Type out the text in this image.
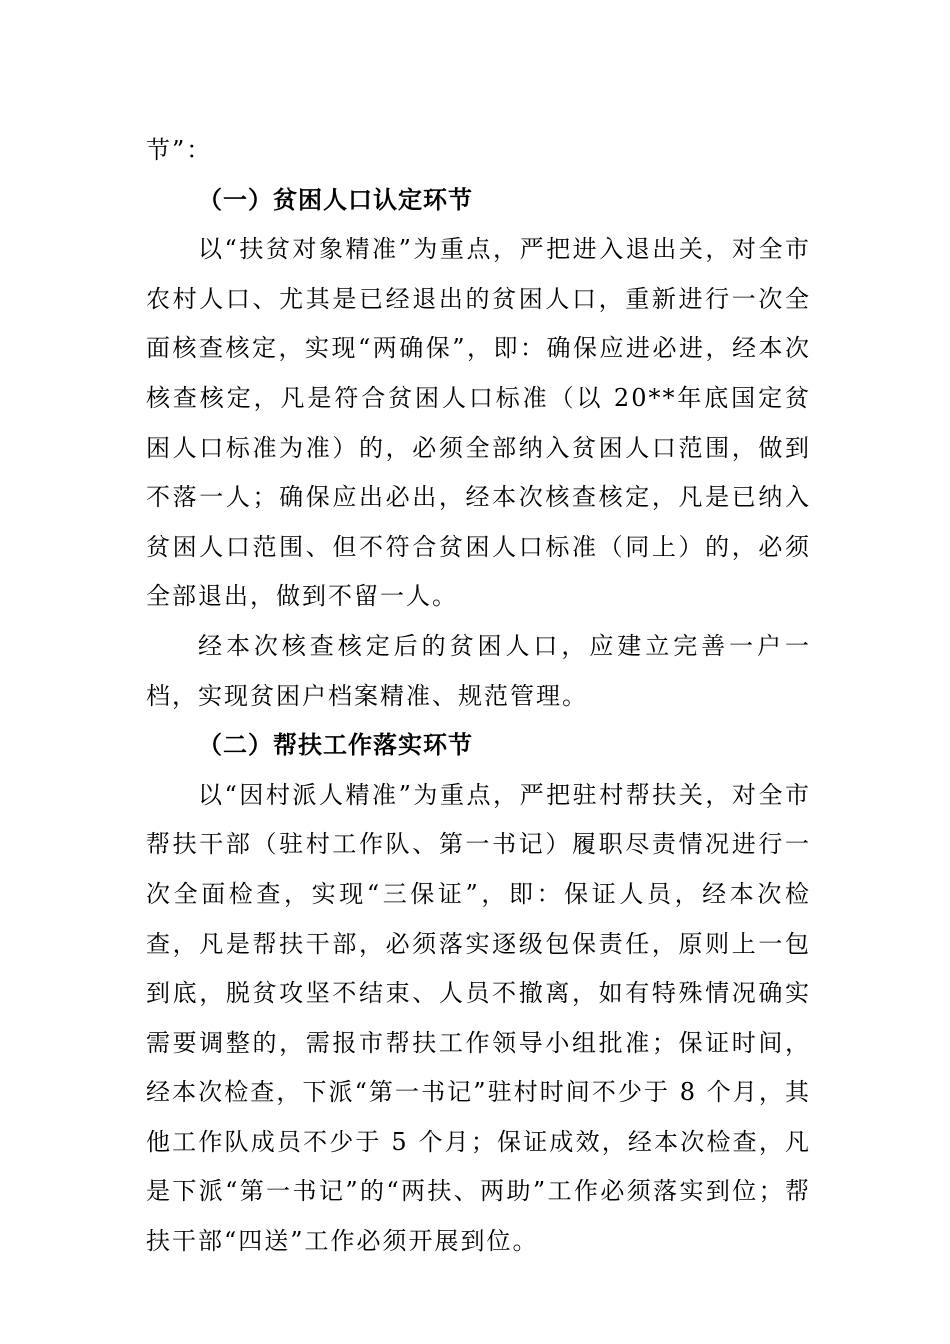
节”：

（一）贫困人口认定环节

以“扶贫对象精准”为重点，严把进入退出关，对全市农村人口、尤其是已经退出的贫困人口，重新进行一次全面核查核定，实现“两确保”，即：确保应进必进，经本次核查核定，凡是符合贫困人口标准（以 20**年底国定贫困人口标准为准）的，必须全部纳入贫困人口范围，做到不落一人；确保应出必出，经本次核查核定，凡是已纳入贫困人口范围、但不符合贫困人口标准（同上）的，必须全部退出，做到不留一人。

经本次核查核定后的贫困人口，应建立完善一户一档，实现贫困户档案精准、规范管理。

（二）帮扶工作落实环节

以“因村派人精准”为重点，严把驻村帮扶关，对全市帮扶干部（驻村工作队、第一书记）履职尽责情况进行一次全面检查，实现“三保证”，即：保证人员，经本次检查，凡是帮扶干部，必须落实逐级包保责任，原则上一包到底，脱贫攻坚不结束、人员不撤离，如有特殊情况确实需要调整的，需报市帮扶工作领导小组批准；保证时间，经本次检查，下派“第一书记”驻村时间不少于 8 个月，其他工作队成员不少于 5 个月；保证成效，经本次检查，凡是下派“第一书记”的“两扶、两助”工作必须落实到位；帮扶干部“四送”工作必须开展到位。
